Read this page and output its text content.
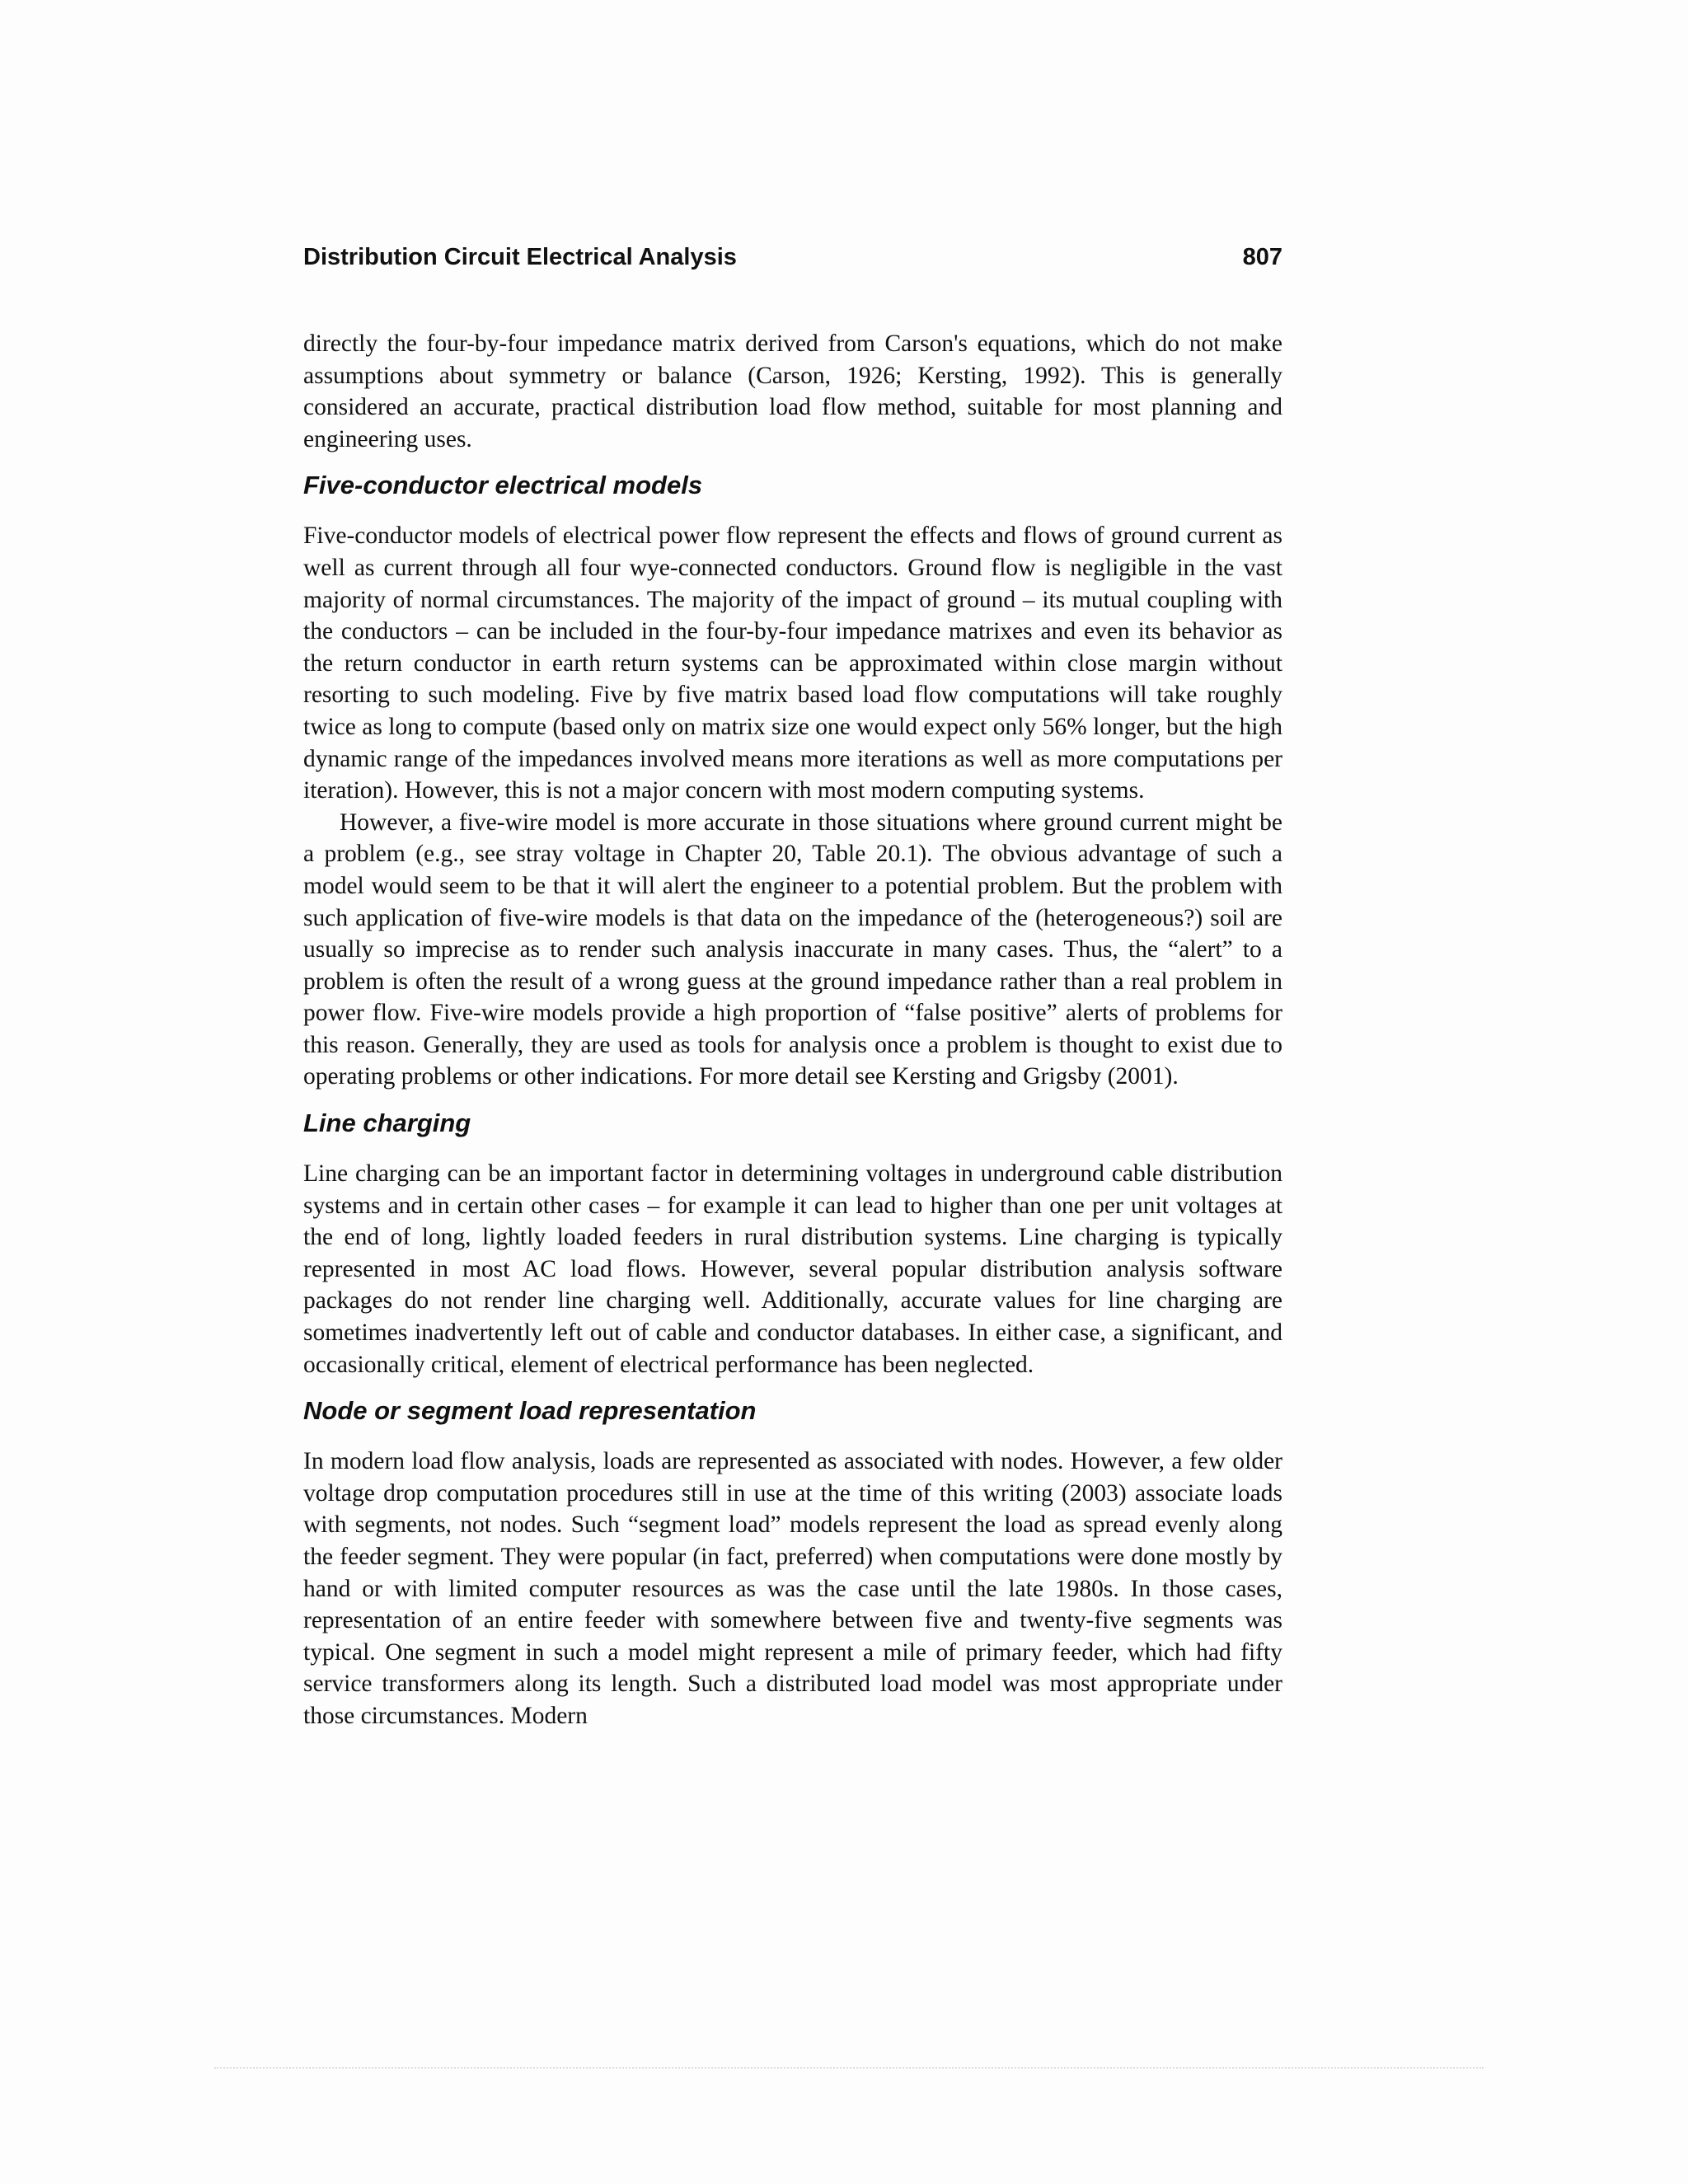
Distribution Circuit Electrical Analysis	807

directly the four-by-four impedance matrix derived from Carson's equations, which do not make assumptions about symmetry or balance (Carson, 1926; Kersting, 1992). This is generally considered an accurate, practical distribution load flow method, suitable for most planning and engineering uses.

Five-conductor electrical models

Five-conductor models of electrical power flow represent the effects and flows of ground current as well as current through all four wye-connected conductors. Ground flow is negligible in the vast majority of normal circumstances. The majority of the impact of ground – its mutual coupling with the conductors – can be included in the four-by-four impedance matrixes and even its behavior as the return conductor in earth return systems can be approximated within close margin without resorting to such modeling. Five by five matrix based load flow computations will take roughly twice as long to compute (based only on matrix size one would expect only 56% longer, but the high dynamic range of the impedances involved means more iterations as well as more computations per iteration). However, this is not a major concern with most modern computing systems.

However, a five-wire model is more accurate in those situations where ground current might be a problem (e.g., see stray voltage in Chapter 20, Table 20.1). The obvious advantage of such a model would seem to be that it will alert the engineer to a potential problem. But the problem with such application of five-wire models is that data on the impedance of the (heterogeneous?) soil are usually so imprecise as to render such analysis inaccurate in many cases. Thus, the “alert” to a problem is often the result of a wrong guess at the ground impedance rather than a real problem in power flow. Five-wire models provide a high proportion of “false positive” alerts of problems for this reason. Generally, they are used as tools for analysis once a problem is thought to exist due to operating problems or other indications. For more detail see Kersting and Grigsby (2001).

Line charging

Line charging can be an important factor in determining voltages in underground cable distribution systems and in certain other cases – for example it can lead to higher than one per unit voltages at the end of long, lightly loaded feeders in rural distribution systems. Line charging is typically represented in most AC load flows. However, several popular distribution analysis software packages do not render line charging well. Additionally, accurate values for line charging are sometimes inadvertently left out of cable and conductor databases. In either case, a significant, and occasionally critical, element of electrical performance has been neglected.

Node or segment load representation

In modern load flow analysis, loads are represented as associated with nodes. However, a few older voltage drop computation procedures still in use at the time of this writing (2003) associate loads with segments, not nodes. Such “segment load” models represent the load as spread evenly along the feeder segment. They were popular (in fact, preferred) when computations were done mostly by hand or with limited computer resources as was the case until the late 1980s. In those cases, representation of an entire feeder with somewhere between five and twenty-five segments was typical. One segment in such a model might represent a mile of primary feeder, which had fifty service transformers along its length. Such a distributed load model was most appropriate under those circumstances. Modern
